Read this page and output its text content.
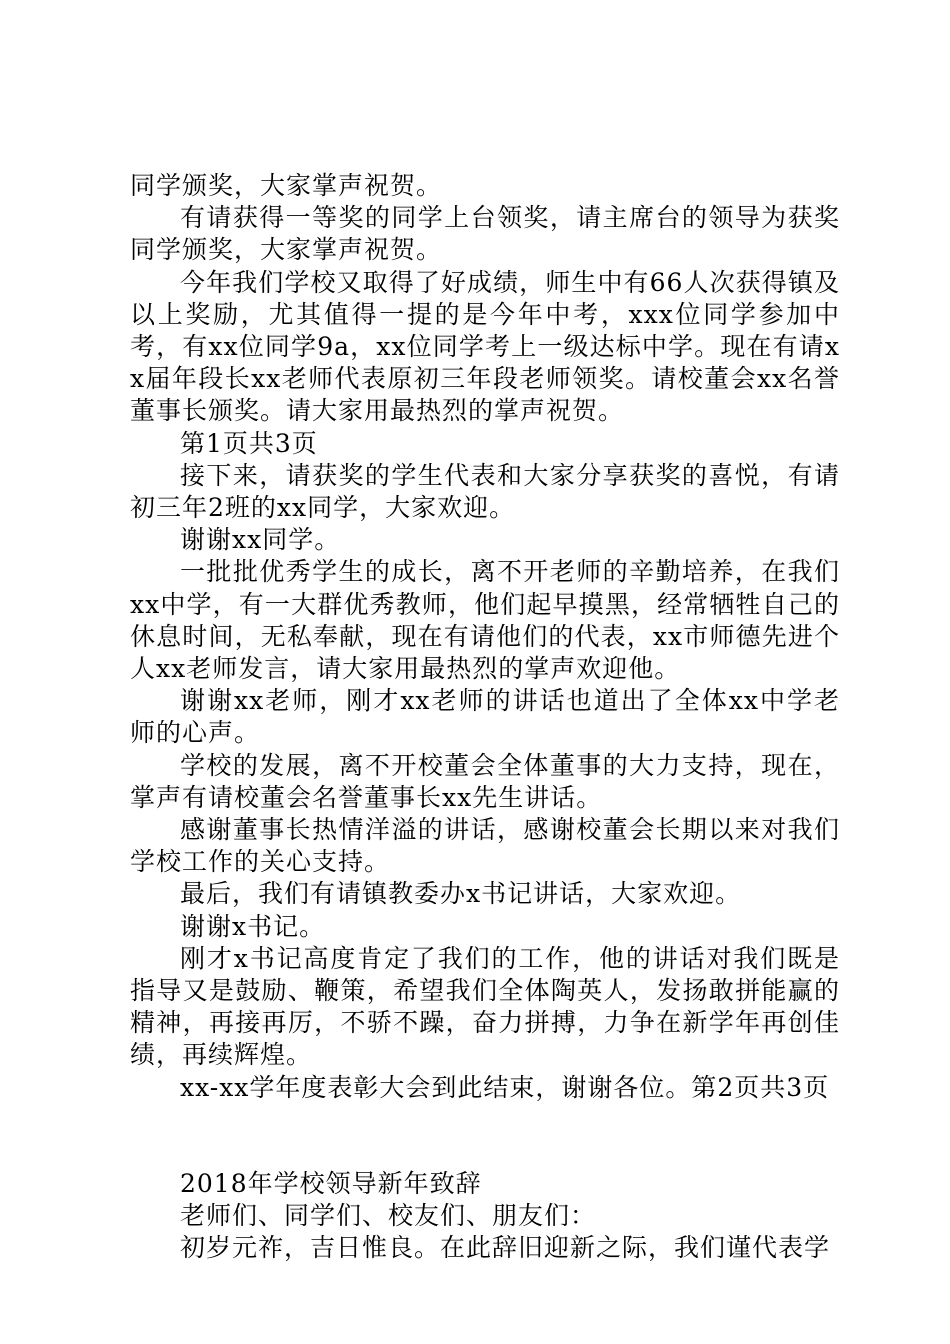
同学颁奖，大家掌声祝贺。

有请获得一等奖的同学上台领奖，请主席台的领导为获奖同学颁奖，大家掌声祝贺。

今年我们学校又取得了好成绩，师生中有66人次获得镇及以上奖励，尤其值得一提的是今年中考，xxx位同学参加中考，有xx位同学9a，xx位同学考上一级达标中学。现在有请xx届年段长xx老师代表原初三年段老师领奖。请校董会xx名誉董事长颁奖。请大家用最热烈的掌声祝贺。

第1页共3页

接下来，请获奖的学生代表和大家分享获奖的喜悦，有请初三年2班的xx同学，大家欢迎。

谢谢xx同学。

一批批优秀学生的成长，离不开老师的辛勤培养，在我们xx中学，有一大群优秀教师，他们起早摸黑，经常牺牲自己的休息时间，无私奉献，现在有请他们的代表，xx市师德先进个人xx老师发言，请大家用最热烈的掌声欢迎他。

谢谢xx老师，刚才xx老师的讲话也道出了全体xx中学老师的心声。

学校的发展，离不开校董会全体董事的大力支持，现在，掌声有请校董会名誉董事长xx先生讲话。

感谢董事长热情洋溢的讲话，感谢校董会长期以来对我们学校工作的关心支持。

最后，我们有请镇教委办x书记讲话，大家欢迎。

谢谢x书记。

刚才x书记高度肯定了我们的工作，他的讲话对我们既是指导又是鼓励、鞭策，希望我们全体陶英人，发扬敢拼能赢的精神，再接再厉，不骄不躁，奋力拼搏，力争在新学年再创佳绩，再续辉煌。

xx-xx学年度表彰大会到此结束，谢谢各位。第2页共3页

2018年学校领导新年致辞

老师们、同学们、校友们、朋友们：

初岁元祚，吉日惟良。在此辞旧迎新之际，我们谨代表学
